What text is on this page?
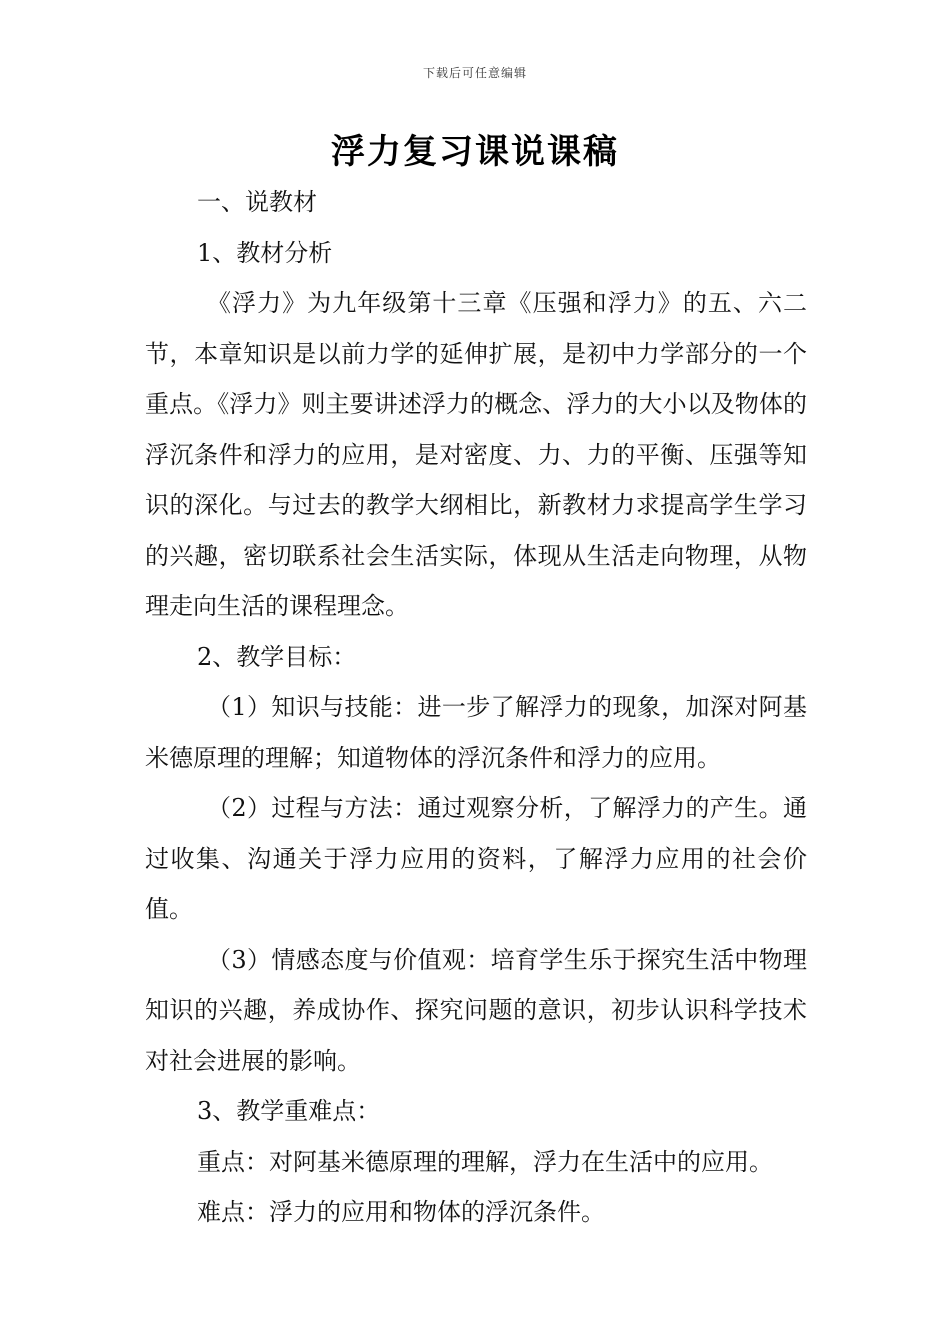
下载后可任意编辑
浮力复习课说课稿
一、说教材
1、教材分析

《浮力》为九年级第十三章《压强和浮力》的五、六二节，本章知识是以前力学的延伸扩展，是初中力学部分的一个重点。《浮力》则主要讲述浮力的概念、浮力的大小以及物体的浮沉条件和浮力的应用，是对密度、力、力的平衡、压强等知识的深化。与过去的教学大纲相比，新教材力求提高学生学习的兴趣，密切联系社会生活实际，体现从生活走向物理，从物理走向生活的课程理念。

2、教学目标：

（1）知识与技能：进一步了解浮力的现象，加深对阿基米德原理的理解；知道物体的浮沉条件和浮力的应用。

（2）过程与方法：通过观察分析，了解浮力的产生。通过收集、沟通关于浮力应用的资料，了解浮力应用的社会价值。

（3）情感态度与价值观：培育学生乐于探究生活中物理知识的兴趣，养成协作、探究问题的意识，初步认识科学技术对社会进展的影响。

3、教学重难点：
重点：对阿基米德原理的理解，浮力在生活中的应用。
难点：浮力的应用和物体的浮沉条件。
